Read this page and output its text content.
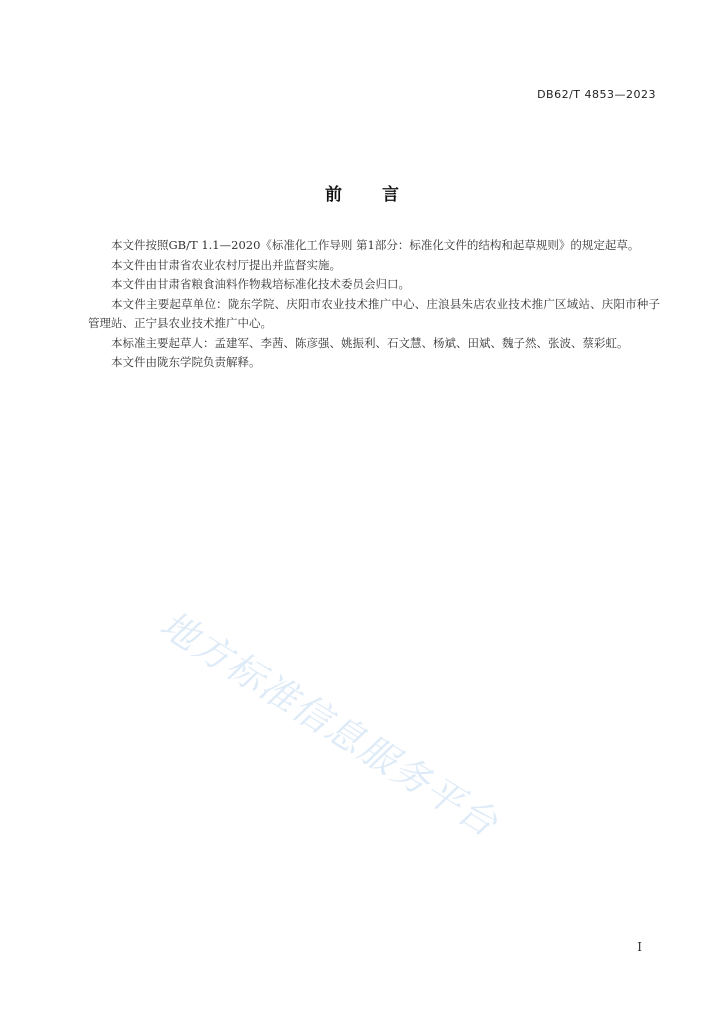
DB62/T 4853—2023
前言

本文件按照GB/T 1.1—2020《标准化工作导则 第1部分：标准化文件的结构和起草规则》的规定起草。

本文件由甘肃省农业农村厅提出并监督实施。

本文件由甘肃省粮食油料作物栽培标准化技术委员会归口。

本文件主要起草单位：陇东学院、庆阳市农业技术推广中心、庄浪县朱店农业技术推广区域站、庆阳市种子管理站、正宁县农业技术推广中心。

本标准主要起草人：孟建军、李茜、陈彦强、姚振利、石文慧、杨斌、田斌、魏子然、张波、蔡彩虹。

本文件由陇东学院负责解释。

地方标准信息服务平台
I
